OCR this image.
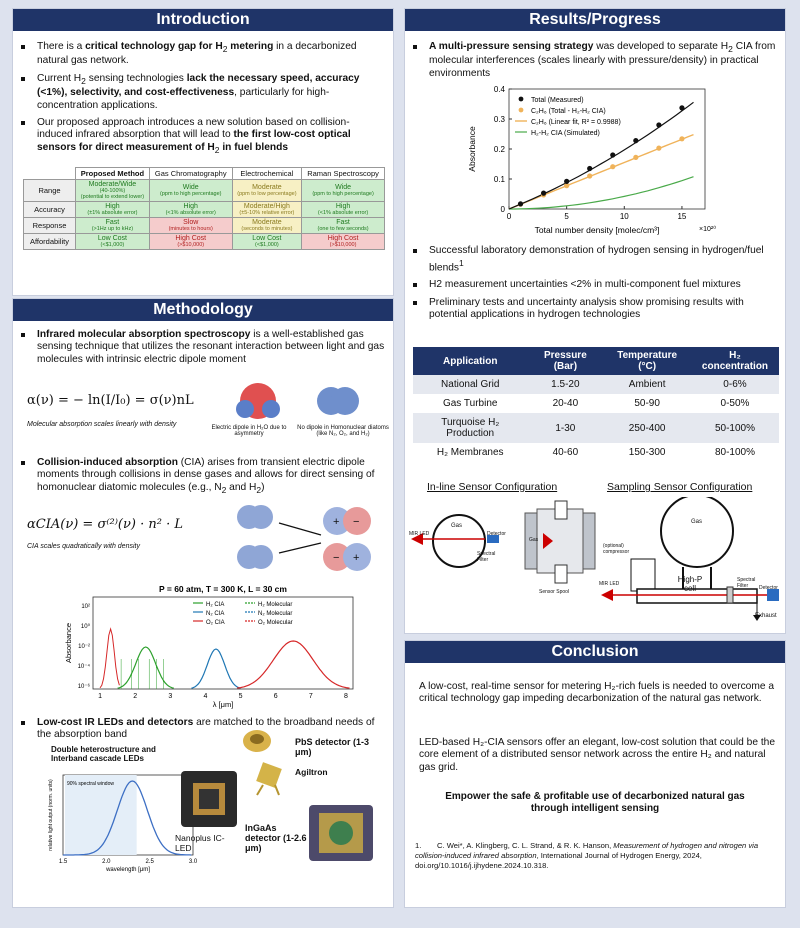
Introduction
There is a critical technology gap for $H_2$ metering in a decarbonized natural gas network.
Current $H_2$ sensing technologies lack the necessary speed, accuracy (<1%), selectivity, and cost-effectiveness, particularly for high-concentration applications.
Our proposed approach introduces a new solution based on collision-induced infrared absorption that will lead to the first low-cost optical sensors for direct measurement of $H_2$ in fuel blends
	Proposed Method	Gas Chromatography	Electrochemical	Raman Spectroscopy
Range	Moderate/Wide
(40-100%)
(potential to extend lower)	Wide
(ppm to high percentage)	Moderate
(ppm to low percentage)	Wide
(ppm to high percentage)

Accuracy	High
(±1% absolute error)	High
(<1% absolute error)	Moderate/High
(±5-10% relative error)	High
(<1% absolute error)

Response	Fast
(>1Hz up to kHz)	Slow
(minutes to hours)	Moderate
(seconds to minutes)	Fast
(one to few seconds)

Affordability	Low Cost
(<$1,000)	High Cost
(>$10,000)	Low Cost
(<$1,000)	High Cost
(>$10,000)
Methodology
Infrared molecular absorption spectroscopy is a well-established gas sensing technique that utilizes the resonant interaction between light and gas molecules with intrinsic electric dipole moment
α(ν) = − ln(I/I₀) = σ(ν)nL
Molecular absorption scales linearly with density	Electric dipole in H₂O due to asymmetry
No dipole in Homonuclear diatoms (like N₂, O₂, and H₂)
Collision-induced absorption (CIA) arises from transient electric dipole moments through collisions in dense gases and allows for direct sensing of homonuclear diatomic molecules (e.g., $N_2$ and $H_2$)
αCIA(ν) = σ⁽²⁾(ν) · n² · L
CIA scales quadratically with density
+ −
− +
P = 60 atm, T = 300 K, L = 30 cm
1	2	3	4	5	6	7	8
10²
10⁰
10⁻²
10⁻⁴
10⁻⁶
λ [μm]
Absorbance
H₂ CIA	H₂ Molecular
N₂ CIA	N₂ Molecular
O₂ CIA	O₂ Molecular
Low-cost IR LEDs and detectors are matched to the broadband needs of the absorption band
Double heterostructure and Interband cascade LEDs
90% spectral window
1.5	2.0	2.5	3.0
wavelength [μm]
relative light output (norm. units)	Nanoplus IC-LED
PbS detector (1-3 μm)
Agiltron
InGaAs detector (1-2.6 μm)
Results/Progress
A multi-pressure sensing strategy was developed to separate $H_2$ CIA from molecular interferences (scales linearly with pressure/density) in practical environments
0	5	10	15
0
0.1
0.2
0.3
0.4
Total number density [molec/cm³]	×10²⁰
Absorbance
Total (Measured)
C₂H₆ (Total - H₂-H₂ CIA)
C₂H₆ (Linear fit, R² = 0.9988)
H₂-H₂ CIA (Simulated)
Successful laboratory demonstration of hydrogen sensing in hydrogen/fuel blends$^1$
H2 measurement uncertainties <2% in multi-component fuel mixtures
Preliminary tests and uncertainty analysis show promising results with potential applications in hydrogen technologies
Application	Pressure (Bar)	Temperature (°C)	H₂ concentration
National Grid	1.5-20	Ambient	0-6%
Gas Turbine	20-40	50-90	0-50%
Turquoise H₂ Production	1-30	250-400	50-100%
H₂ Membranes	40-60	150-300	80-100%
In-line Sensor Configuration	Sampling Sensor Configuration
MIR LED
Gas
Detector
Spectral Filter
Sensor Spool
Gas
Gas
(optional) compressor
High-P cell
MIR LED
Spectral Filter	Detector
Exhaust
Conclusion
A low-cost, real-time sensor for metering H₂-rich fuels is needed to overcome a critical technology gap impeding decarbonization of the natural gas network.
LED-based H₂-CIA sensors offer an elegant, low-cost solution that could be the core element of a distributed sensor network across the entire H₂ and natural gas grid.
Empower the safe & profitable use of decarbonized natural gas through intelligent sensing
1. C. Wei*, A. Klingberg, C. L. Strand, & R. K. Hanson, Measurement of hydrogen and nitrogen via collision-induced infrared absorption, International Journal of Hydrogen Energy, 2024, doi.org/10.1016/j.ijhydene.2024.10.318.
